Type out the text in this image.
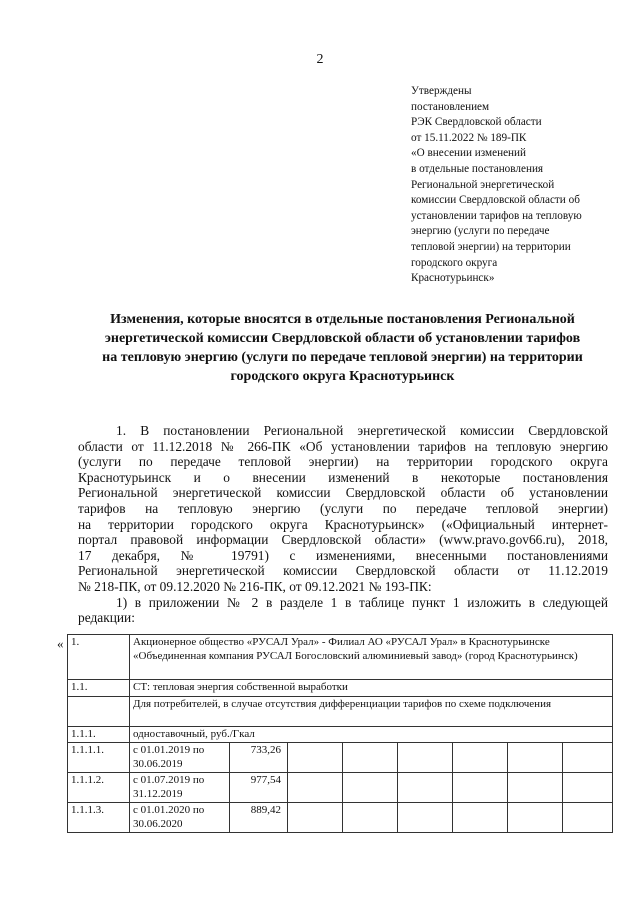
2
Утверждены
постановлением
РЭК Свердловской области
от 15.11.2022 № 189-ПК
«О внесении изменений
в отдельные постановления
Региональной энергетической
комиссии Свердловской области об
установлении тарифов на тепловую
энергию (услуги по передаче
тепловой энергии) на территории
городского округа
Краснотурьинск»
Изменения, которые вносятся в отдельные постановления Региональной
энергетической комиссии Свердловской области об установлении тарифов
на тепловую энергию (услуги по передаче тепловой энергии) на территории
городского округа Краснотурьинск
1. В постановлении Региональной энергетической комиссии Свердловской
области от 11.12.2018 № 266-ПК «Об установлении тарифов на тепловую энергию
(услуги по передаче тепловой энергии) на территории городского округа
Краснотурьинск и о внесении изменений в некоторые постановления
Региональной энергетической комиссии Свердловской области об установлении
тарифов на тепловую энергию (услуги по передаче тепловой энергии)
на территории городского округа Краснотурьинск» («Официальный интернет-
портал правовой информации Свердловской области» (www.pravo.gov66.ru), 2018,
17 декабря, № 19791) с изменениями, внесенными постановлениями
Региональной энергетической комиссии Свердловской области от 11.12.2019
№ 218-ПК, от 09.12.2020 № 216-ПК, от 09.12.2021 № 193-ПК:
1) в приложении № 2 в разделе 1 в таблице пункт 1 изложить в следующей
редакции:
« 1.	Акционерное общество «РУСАЛ Урал» - Филиал АО «РУСАЛ Урал» в Краснотурьинске «Объединенная компания РУСАЛ Богословский алюминиевый завод» (город Краснотурьинск)							
1.1.	СТ: тепловая энергия собственной выработки							
	Для потребителей, в случае отсутствия дифференциации тарифов по схеме подключения							
1.1.1.	одноставочный, руб./Гкал							
1.1.1.1.	с 01.01.2019 по 30.06.2019	733,26						
1.1.1.2.	с 01.07.2019 по 31.12.2019	977,54						
1.1.1.3.	с 01.01.2020 по 30.06.2020	889,42						
